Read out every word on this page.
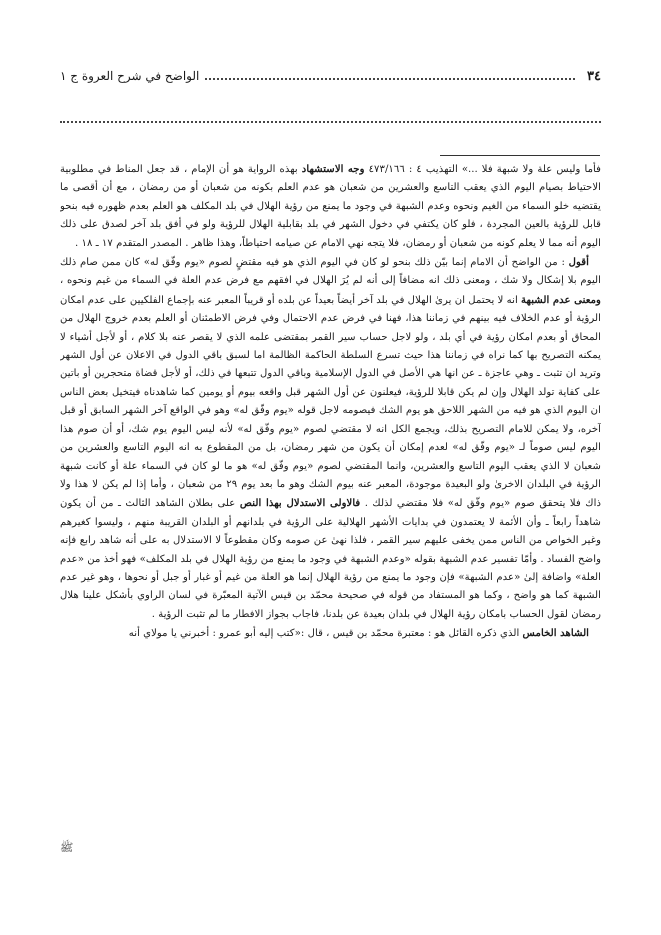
٣٤
الواضح في شرح العروة ج ١

فأما وليس علة ولا شبهة فلا ...» التهذيب ٤ : ٤٧٣/١٦٦ وجه الاستشهاد بهذه الرواية هو أن الإمام ، قد جعل المناط في مطلوبية الاحتياط بصيام اليوم الذي يعقب التاسع والعشرين من شعبان هو عدم العلم بكونه من شعبان أو من رمضان ، مع أن أقصى ما يقتضيه خلو السماء من الغيم ونحوه وعدم الشبهة في وجود ما يمنع من رؤية الهلال في بلد المكلف هو العلم بعدم ظهوره فيه بنحو قابل للرؤية بالعين المجردة ، فلو كان يكتفي في دخول الشهر في بلد بقابلية الهلال للرؤية ولو في أفق بلد آخر لصدق على ذلك اليوم أنه مما لا يعلم كونه من شعبان أو رمضان، فلا يتجه نهي الامام عن صيامه احتياطاً، وهذا ظاهر . المصدر المتقدم ١٧ ـ ١٨ .

أقول : من الواضح أن الامام إنما بيّن ذلك بنحو لو كان في اليوم الذي هو فيه مقتضٍ لصوم «يوم وفّق له» كان ممن صام ذلك اليوم بلا إشكال ولا شك ، ومعنى ذلك انه مضافاً إلى أنه لم يُرَ الهلال في افقهم مع فرض عدم العلة في السماء من غيم ونحوه ، ومعنى عدم الشبهة انه لا يحتمل ان يرىٰ الهلال في بلد آخر أيضاً بعيداً عن بلده أو قريباً المعبر عنه بإجماع الفلكيين على عدم امكان الرؤية أو عدم الخلاف فيه بينهم في زماننا هذا، فهنا في فرض عدم الاحتمال وفي فرض الاطمئنان أو العلم بعدم خروج الهلال من المحاق أو بعدم امكان رؤية في أي بلد ، ولو لاجل حساب سير القمر بمقتضى علمه الذي لا يقصر عنه بلا كلام ، أو لأجل أشياء لا يمكنه التصريح بها كما نراه في زماننا هذا حيث تسرع السلطة الحاكمة الظالمة اما لسبق باقي الدول في الاعلان عن أول الشهر وتريد ان تثبت ـ وهي عاجزة ـ عن انها هي الأصل في الدول الإسلامية وباقي الدول تتبعها في ذلك، أو لأجل قضاة متحجرين أو باتين على كفاية تولد الهلال وإن لم يكن قابلا للرؤية، فيعلنون عن أول الشهر قبل واقعه بيوم أو يومين كما شاهدناه فيتخيل بعض الناس ان اليوم الذي هو فيه من الشهر اللاحق هو يوم الشك فيصومه لاجل قوله «يوم وفّق له» وهو في الواقع آخر الشهر السابق أو قبل آخره، ولا يمكن للامام التصريح بذلك، ويجمع الكل انه لا مقتضي لصوم «يوم وفّق له» لأنه ليس اليوم يوم شك، أو أن صوم هذا اليوم ليس صوماً لـ «يوم وفّق له» لعدم إمكان أن يكون من شهر رمضان، بل من المقطوع به انه اليوم التاسع والعشرين من شعبان لا الذي يعقب اليوم التاسع والعشرين، وانما المقتضي لصوم «يوم وفّق له» هو ما لو كان في السماء علة أو كانت شبهة الرؤية في البلدان الاخرىٰ ولو البعيدة موجودة، المعبر عنه بيوم الشك وهو ما بعد يوم ٢٩ من شعبان ، وأما إذا لم يكن لا هذا ولا ذاك فلا يتحقق صوم «يوم وفّق له» فلا مقتضي لذلك . فالاولى الاستدلال بهذا النص على بطلان الشاهد الثالث ـ من أن يكون شاهداً رابعاً ـ وأن الأئمة لا يعتمدون في بدايات الأشهر الهلالية على الرؤية في بلدانهم أو البلدان القريبة منهم ، وليسوا كغيرهم وغير الخواص من الناس ممن يخفى عليهم سير القمر ، فلذا نهىٰ عن صومه وكان مقطوعاً لا الاستدلال به على أنه شاهد رابع فإنه واضح الفساد . وأمّا تفسير عدم الشبهة بقوله «وعدم الشبهة في وجود ما يمنع من رؤية الهلال في بلد المكلف» فهو أخذ من «عدم العلة» واضافة إلىٰ «عدم الشبهة» فإن وجود ما يمنع من رؤية الهلال إنما هو العلة من غيم أو غبار أو جبل أو نحوها ، وهو غير عدم الشبهة كما هو واضح ، وكما هو المستفاد من قوله في صحيحة محمّد بن قيس الآتية المعبّرة في لسان الراوي بأشكل علينا هلال رمضان لقول الحساب بامكان رؤية الهلال في بلدان بعيدة عن بلدنا، فاجاب بجواز الافطار ما لم تثبت الرؤية .

الشاهد الخامس الذي ذكره القائل هو : معتبرة محمّد بن قيس ، قال :«كتب إليه أبو عمرو : أخبرني يا مولاي أنه

ﷺ
